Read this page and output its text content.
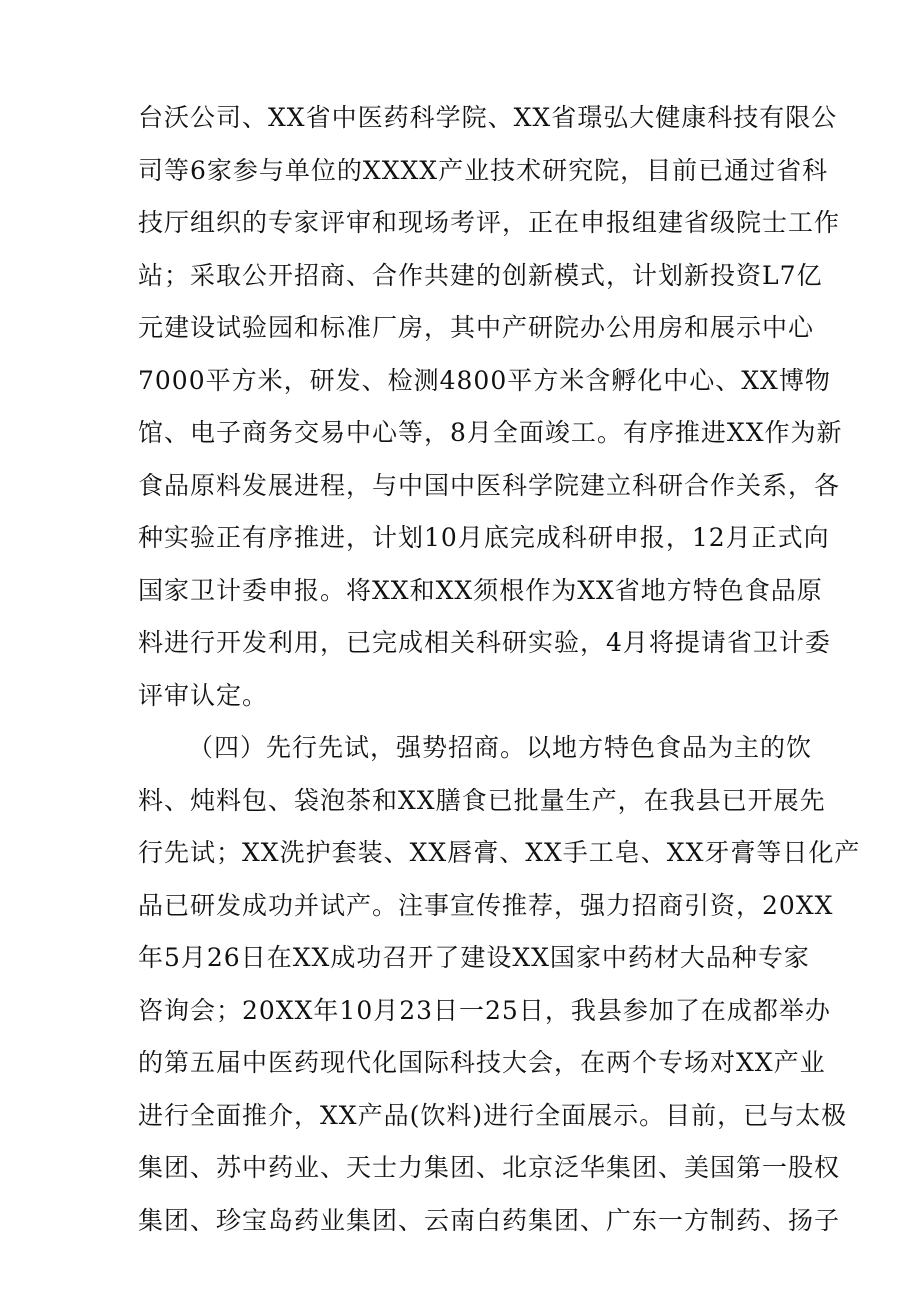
台沃公司、XX省中医药科学院、XX省璟弘大健康科技有限公
司等6家参与单位的XXXX产业技术研究院，目前已通过省科
技厅组织的专家评审和现场考评，正在申报组建省级院士工作
站；采取公开招商、合作共建的创新模式，计划新投资L7亿
元建设试验园和标准厂房，其中产研院办公用房和展示中心
7000平方米，研发、检测4800平方米含孵化中心、XX博物
馆、电子商务交易中心等，8月全面竣工。有序推进XX作为新
食品原料发展进程，与中国中医科学院建立科研合作关系，各
种实验正有序推进，计划10月底完成科研申报，12月正式向
国家卫计委申报。将XX和XX须根作为XX省地方特色食品原
料进行开发利用，已完成相关科研实验，4月将提请省卫计委
评审认定。
（四）先行先试，强势招商。以地方特色食品为主的饮
料、炖料包、袋泡茶和XX膳食已批量生产，在我县已开展先
行先试；XX洗护套装、XX唇膏、XX手工皂、XX牙膏等日化产
品已研发成功并试产。注事宣传推荐，强力招商引资，20XX
年5月26日在XX成功召开了建设XX国家中药材大品种专家
咨询会；20XX年10月23日一25日，我县参加了在成都举办
的第五届中医药现代化国际科技大会，在两个专场对XX产业
进行全面推介，XX产品(饮料)进行全面展示。目前，已与太极
集团、苏中药业、天士力集团、北京泛华集团、美国第一股权
集团、珍宝岛药业集团、云南白药集团、广东一方制药、扬子
